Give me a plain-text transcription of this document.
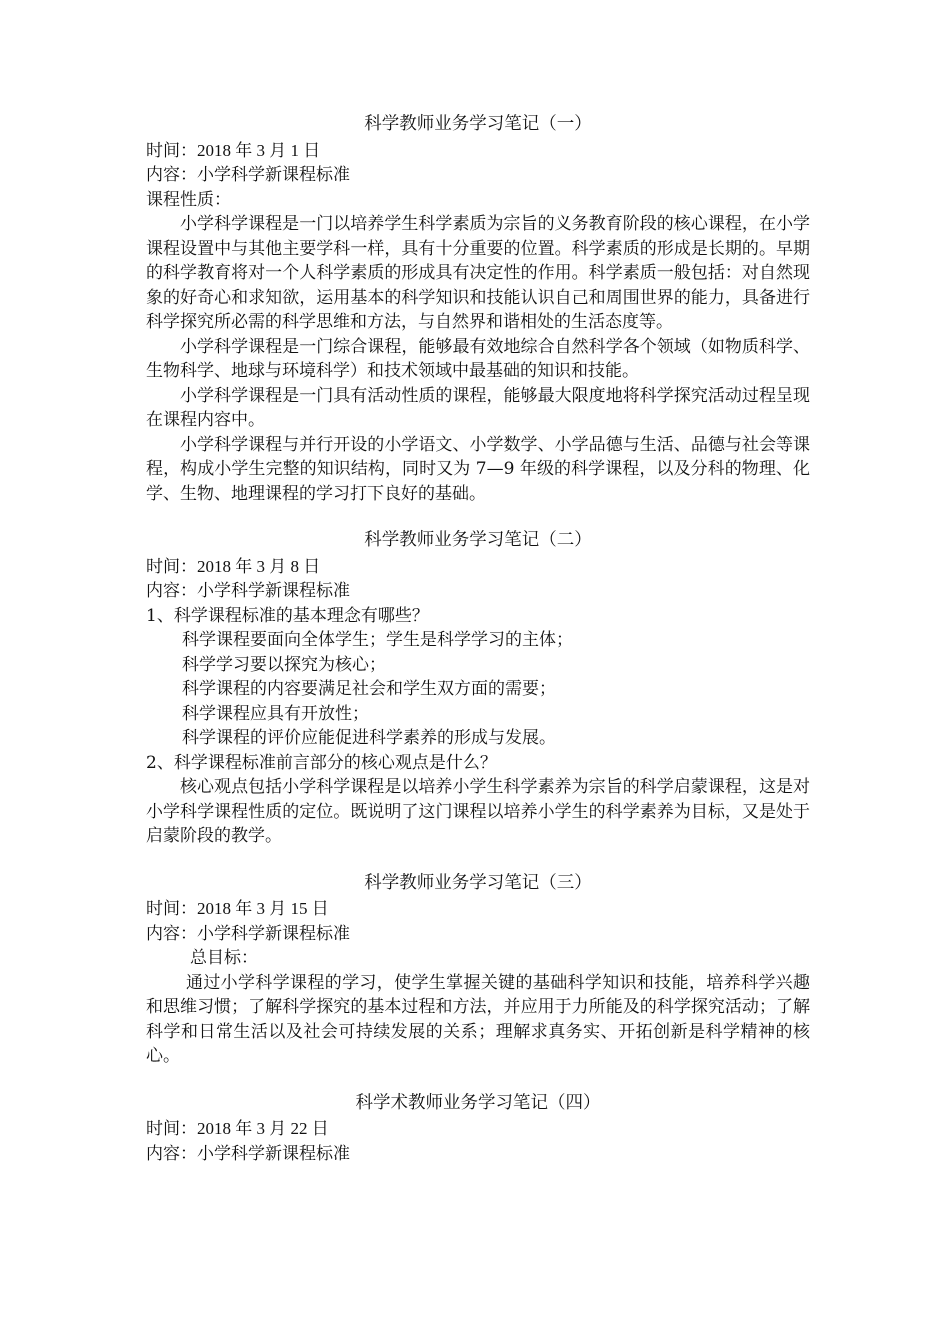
科学教师业务学习笔记（一）
时间：2018 年 3 月 1 日
内容：小学科学新课程标准
课程性质：
小学科学课程是一门以培养学生科学素质为宗旨的义务教育阶段的核心课程，在小学课程设置中与其他主要学科一样，具有十分重要的位置。科学素质的形成是长期的。早期的科学教育将对一个人科学素质的形成具有决定性的作用。科学素质一般包括：对自然现象的好奇心和求知欲，运用基本的科学知识和技能认识自己和周围世界的能力，具备进行科学探究所必需的科学思维和方法，与自然界和谐相处的生活态度等。
小学科学课程是一门综合课程，能够最有效地综合自然科学各个领域（如物质科学、生物科学、地球与环境科学）和技术领域中最基础的知识和技能。
小学科学课程是一门具有活动性质的课程，能够最大限度地将科学探究活动过程呈现在课程内容中。
小学科学课程与并行开设的小学语文、小学数学、小学品德与生活、品德与社会等课程，构成小学生完整的知识结构，同时又为 7—9 年级的科学课程，以及分科的物理、化学、生物、地理课程的学习打下良好的基础。
科学教师业务学习笔记（二）
时间：2018 年 3 月 8 日
内容：小学科学新课程标准
1、科学课程标准的基本理念有哪些？
科学课程要面向全体学生；学生是科学学习的主体；
科学学习要以探究为核心；
科学课程的内容要满足社会和学生双方面的需要；
科学课程应具有开放性；
科学课程的评价应能促进科学素养的形成与发展。
2、科学课程标准前言部分的核心观点是什么？
核心观点包括小学科学课程是以培养小学生科学素养为宗旨的科学启蒙课程，这是对小学科学课程性质的定位。既说明了这门课程以培养小学生的科学素养为目标，又是处于启蒙阶段的教学。
科学教师业务学习笔记（三）
时间：2018 年 3 月 15 日
内容：小学科学新课程标准
总目标：
通过小学科学课程的学习，使学生掌握关键的基础科学知识和技能，培养科学兴趣和思维习惯；了解科学探究的基本过程和方法，并应用于力所能及的科学探究活动；了解科学和日常生活以及社会可持续发展的关系；理解求真务实、开拓创新是科学精神的核心。
科学术教师业务学习笔记（四）
时间：2018 年 3 月 22 日
内容：小学科学新课程标准
